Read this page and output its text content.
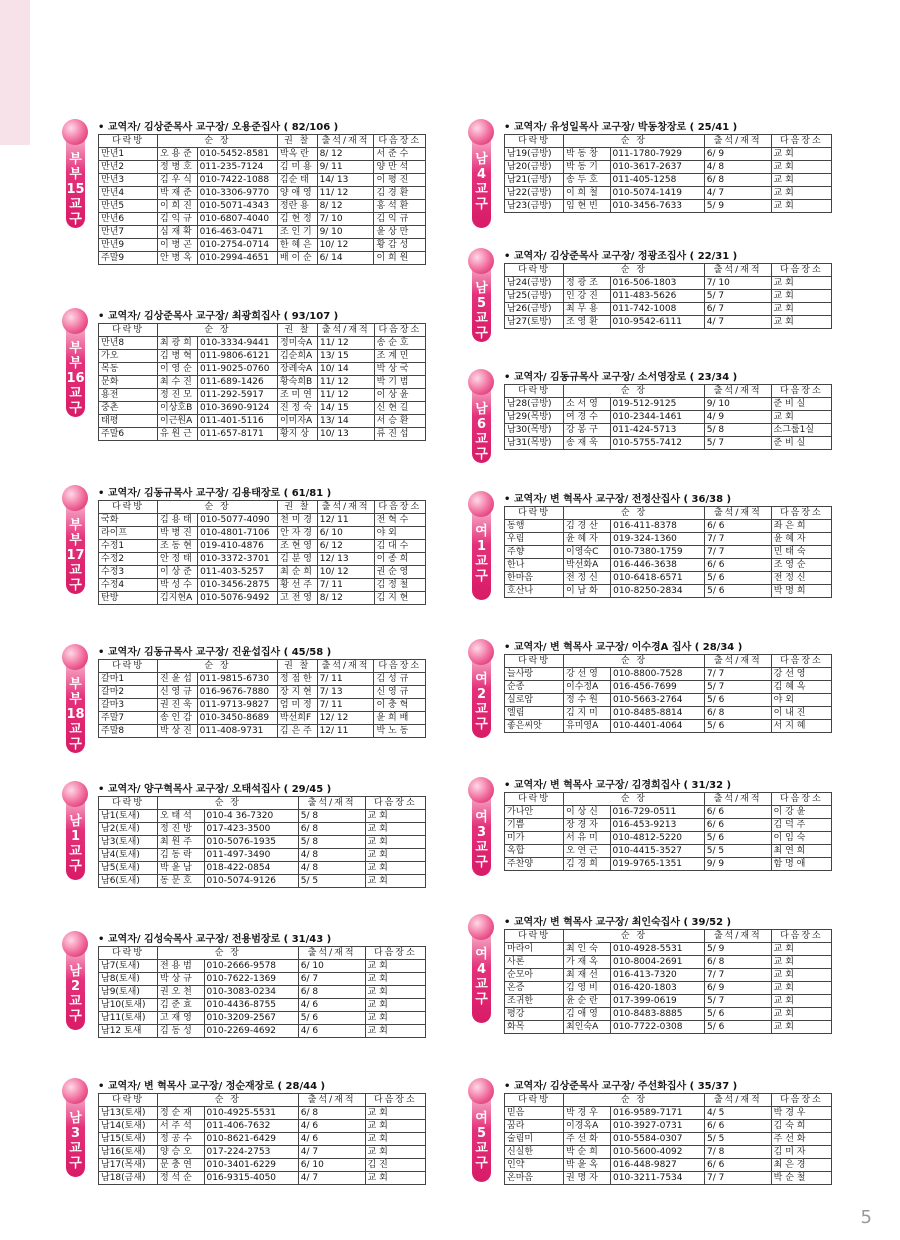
부
부
15
교
구
• 교역자/ 김상준목사 교구장/ 오용준집사 ( 82/106 )
다락방	순 장		권 찰	출석/재적	다음장소
만년1	오 용 준	010-5452-8581	박옥 란	8/ 12	서 준 수
만년2	정 병 호	011-235-7124	김 미 용	9/ 11	양 만 석
만년3	김 우 식	010-7422-1088	김순 태	14/ 13	이 평 진
만년4	박 재 준	010-3306-9770	양 애 영	11/ 12	김 경 환
만년5	이 희 진	010-5071-4343	정란 용	8/ 12	홍 석 환
만년6	김 익 규	010-6807-4040	김 현 정	7/ 10	김 익 규
만년7	심 재 확	016-463-0471	조 인 기	9/ 10	윤 상 만
만년9	이 병 곤	010-2754-0714	한 혜 은	10/ 12	황 감 성
주말9	안 병 옥	010-2994-4651	배 이 순	6/ 14	이 희 원
부
부
16
교
구
• 교역자/ 김상준목사 교구장/ 최광희집사 ( 93/107 )
다락방	순 장		권 찰	출석/재적	다음장소
만년8	최 광 희	010-3334-9441	정미숙A	11/ 12	송 순 호
가오	김 병 혁	011-9806-6121	김순희A	13/ 15	조 계 민
목동	이 영 순	011-9025-0760	장례숙A	10/ 14	박 상 국
문화	최 수 진	011-689-1426	황숙희B	11/ 12	박 기 범
용전	정 진 모	011-292-5917	조 미 연	11/ 12	이 상 윤
중촌	이상호B	010-3690-9124	진 정 숙	14/ 15	신 현 길
태평	이근원A	011-401-5116	이미자A	13/ 14	서 승 환
주말6	유 원 근	011-657-8171	황지 상	10/ 13	류 진 섭
부
부
17
교
구
• 교역자/ 김동규목사 교구장/ 김용태장로 ( 61/81 )
다락방	순 장		권 찰	출석/재적	다음장소
국화	김 용 태	010-5077-4090	천 미 경	12/ 11	전 혁 수
라이프	박 병 진	010-4801-7106	안 자 경	6/ 10	야 외
수정1	조 동 현	019-410-4876	조 현 영	6/ 12	김 대 수
수정2	안 정 태	010-3372-3701	김 분 영	12/ 13	이 종 희
수정3	이 상 준	011-403-5257	최 순 희	10/ 12	권 순 영
수정4	박 성 수	010-3456-2875	황 선 주	7/ 11	김 정 철
탄방	김지현A	010-5076-9492	고 전 영	8/ 12	김 지 현
부
부
18
교
구
• 교역자/ 김동규목사 교구장/ 진윤섭집사 ( 45/58 )
다락방	순 장		권 찰	출석/재적	다음장소
갈마1	진 윤 섭	011-9815-6730	정 점 한	7/ 11	김 성 규
갈마2	신 영 규	016-9676-7880	장 지 현	7/ 13	신 영 규
갈마3	권 진 욱	011-9713-9827	엄 미 정	7/ 11	이 충 혁
주말7	송 인 감	010-3450-8689	박선희F	12/ 12	윤 희 배
주말8	박 상 진	011-408-9731	김 은 주	12/ 11	박 노 동
남
1
교
구
• 교역자/ 양구혁목사 교구장/ 오태석집사 ( 29/45 )
다락방	순 장		출석/재적	다음장소
남1(토새)	오 태 석	010-4 36-7320	5/ 8	교 회
남2(토새)	정 진 방	017-423-3500	6/ 8	교 회
남3(토새)	최 원 주	010-5076-1935	5/ 8	교 회
남4(토새)	김 동 락	011-497-3490	4/ 8	교 회
남5(토새)	박 윤 남	018-422-0854	4/ 8	교 회
남6(토새)	동 문 호	010-5074-9126	5/ 5	교 회
남
2
교
구
• 교역자/ 김성숙목사 교구장/ 전용범장로 ( 31/43 )
다락방	순 장		출석/재적	다음장소
남7(토새)	전 용 범	010-2666-9578	6/ 10	교 회
남8(토새)	박 상 규	010-7622-1369	6/ 7	교 회
남9(토새)	권 오 천	010-3083-0234	6/ 8	교 회
남10(토새)	김 준 효	010-4436-8755	4/ 6	교 회
남11(토새)	고 재 영	010-3209-2567	5/ 6	교 회
남12 토새	김 동 성	010-2269-4692	4/ 6	교 회
남
3
교
구
• 교역자/ 변 혁목사 교구장/ 정순재장로 ( 28/44 )
다락방	순 장		출석/재적	다음장소
남13(토새)	정 순 재	010-4925-5531	6/ 8	교 회
남14(토새)	서 주 석	011-406-7632	4/ 6	교 회
남15(토새)	정 공 수	010-8621-6429	4/ 6	교 회
남16(토새)	양 승 오	017-224-2753	4/ 7	교 회
남17(목새)	문 충 연	010-3401-6229	6/ 10	김 진
남18(금새)	정 석 순	016-9315-4050	4/ 7	교 회
남
4
교
구
• 교역자/ 유성일목사 교구장/ 박동창장로 ( 25/41 )
다락방	순 장		출석/재적	다음장소
남19(금방)	박 동 창	011-1780-7929	6/ 9	교 회
남20(금방)	박 동 기	010-3617-2637	4/ 8	교 회
남21(금방)	송 두 호	011-405-1258	6/ 8	교 회
남22(금방)	이 희 철	010-5074-1419	4/ 7	교 회
남23(금방)	임 현 빈	010-3456-7633	5/ 9	교 회
남
5
교
구
• 교역자/ 김상준목사 교구장/ 정광조집사 ( 22/31 )
다락방	순 장		출석/재적	다음장소
남24(금방)	정 광 조	016-506-1803	7/ 10	교 회
남25(금방)	인 강 진	011-483-5626	5/ 7	교 회
남26(금방)	최 무 용	011-742-1008	6/ 7	교 회
남27(토방)	조 영 환	010-9542-6111	4/ 7	교 회
남
6
교
구
• 교역자/ 김동규목사 교구장/ 소서영장로 ( 23/34 )
다락방	순 장		출석/재적	다음장소
남28(금방)	소 서 영	019-512-9125	9/ 10	준 비 실
남29(목방)	여 경 수	010-2344-1461	4/ 9	교 회
남30(목방)	강 봉 구	011-424-5713	5/ 8	소그룹1실
남31(목방)	송 재 욱	010-5755-7412	5/ 7	준 비 실
여
1
교
구
• 교역자/ 변 혁목사 교구장/ 전정산집사 ( 36/38 )
다락방	순 장		출석/재적	다음장소
동행	김 경 산	016-411-8378	6/ 6	좌 은 희
우림	윤 혜 자	019-324-1360	7/ 7	윤 혜 자
주향	이영숙C	010-7380-1759	7/ 7	민 태 숙
한나	박선화A	016-446-3638	6/ 6	조 영 순
한마음	전 정 신	010-6418-6571	5/ 6	전 정 신
호산나	이 남 화	010-8250-2834	5/ 6	박 명 희
여
2
교
구
• 교역자/ 변 혁목사 교구장/ 이수경A 집사 ( 28/34 )
다락방	순 장		출석/재적	다음장소
늘사랑	강 선 영	010-8800-7528	7/ 7	강 선 영
순종	이수정A	016-456-7699	5/ 7	김 혜 옥
실로암	정 수 원	010-5663-2764	5/ 6	야 외
엘림	김 지 미	010-8485-8814	6/ 8	이 내 진
좋은씨앗	유미영A	010-4401-4064	5/ 6	서 지 혜
여
3
교
구
• 교역자/ 변 혁목사 교구장/ 김경희집사 ( 31/32 )
다락방	순 장		출석/재적	다음장소
가나안	이 상 신	016-729-0511	6/ 6	이 강 윤
기쁨	장 경 자	016-453-9213	6/ 6	김 덕 주
미가	서 유 미	010-4812-5220	5/ 6	이 임 숙
옥합	오 연 근	010-4415-3527	5/ 5	최 연 희
주찬양	김 경 희	019-9765-1351	9/ 9	함 명 애
여
4
교
구
• 교역자/ 변 혁목사 교구장/ 최인숙집사 ( 39/52 )
다락방	순 장		출석/재적	다음장소
마라이	최 인 숙	010-4928-5531	5/ 9	교 회
사론	가 재 옥	010-8004-2691	6/ 8	교 회
순모아	최 재 선	016-413-7320	7/ 7	교 회
온증	김 영 비	016-420-1803	6/ 9	교 회
조귀한	윤 순 란	017-399-0619	5/ 7	교 회
평강	김 애 영	010-8483-8885	5/ 6	교 회
화목	최인숙A	010-7722-0308	5/ 6	교 회
여
5
교
구
• 교역자/ 김상준목사 교구장/ 주선화집사 ( 35/37 )
다락방	순 장		출석/재적	다음장소
믿음	박 경 우	016-9589-7171	4/ 5	박 경 우
꿈라	이경옥A	010-3927-0731	6/ 6	김 숙 희
술림미	주 선 화	010-5584-0307	5/ 5	주 선 화
신실한	박 순 희	010-5600-4092	7/ 8	김 미 자
인약	박 윤 옥	016-448-9827	6/ 6	최 은 경
온마음	권 명 자	010-3211-7534	7/ 7	박 순 철
5
